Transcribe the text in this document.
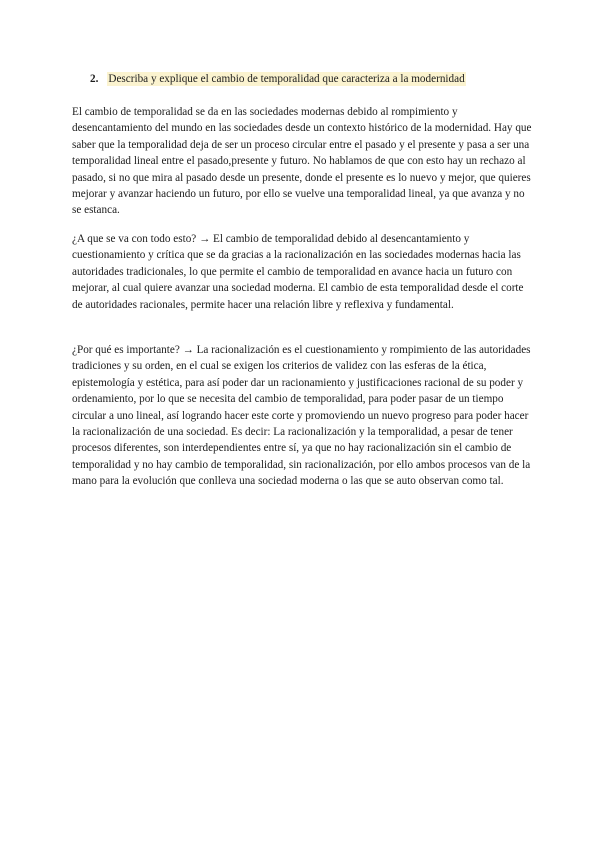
2. Describa y explique el cambio de temporalidad que caracteriza a la modernidad

El cambio de temporalidad se da en las sociedades modernas debido al rompimiento y desencantamiento del mundo en las sociedades desde un contexto histórico de la modernidad. Hay que saber que la temporalidad deja de ser un proceso circular entre el pasado y el presente y pasa a ser una temporalidad lineal entre el pasado,presente y futuro. No hablamos de que con esto hay un rechazo al pasado, si no que mira al pasado desde un presente, donde el presente es lo nuevo y mejor, que quieres mejorar y avanzar haciendo un futuro, por ello se vuelve una temporalidad lineal, ya que avanza y no se estanca.

¿A que se va con todo esto? → El cambio de temporalidad debido al desencantamiento y cuestionamiento y crítica que se da gracias a la racionalización en las sociedades modernas hacia las autoridades tradicionales, lo que permite el cambio de temporalidad en avance hacia un futuro con mejorar, al cual quiere avanzar una sociedad moderna. El cambio de esta temporalidad desde el corte de autoridades racionales, permite hacer una relación libre y reflexiva y fundamental.

¿Por qué es importante? → La racionalización es el cuestionamiento y rompimiento de las autoridades tradiciones y su orden, en el cual se exigen los criterios de validez con las esferas de la ética, epistemología y estética, para así poder dar un racionamiento y justificaciones racional de su poder y ordenamiento, por lo que se necesita del cambio de temporalidad, para poder pasar de un tiempo circular a uno lineal, así logrando hacer este corte y promoviendo un nuevo progreso para poder hacer la racionalización de una sociedad. Es decir: La racionalización y la temporalidad, a pesar de tener procesos diferentes, son interdependientes entre sí, ya que no hay racionalización sin el cambio de temporalidad y no hay cambio de temporalidad, sin racionalización, por ello ambos procesos van de la mano para la evolución que conlleva una sociedad moderna o las que se auto observan como tal.
